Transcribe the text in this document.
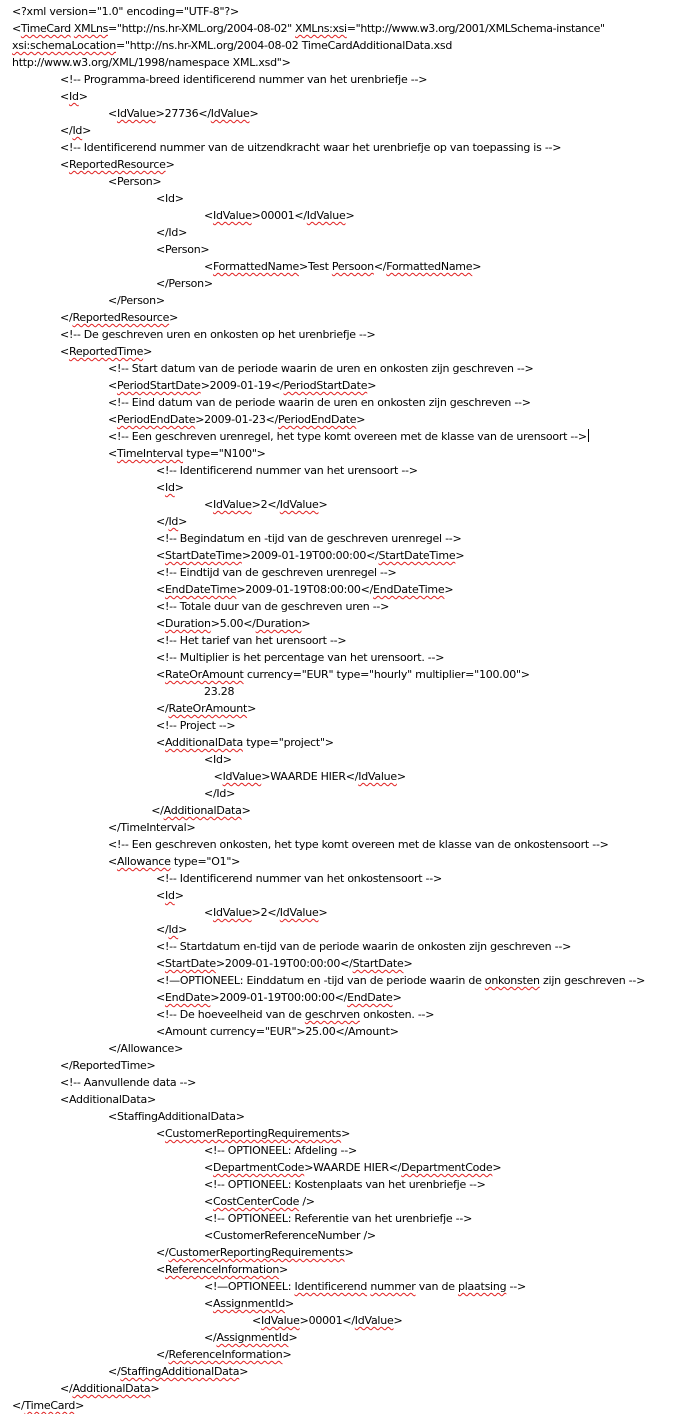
<?xml version="1.0" encoding="UTF-8"?>
<TimeCard XMLns="http://ns.hr-XML.org/2004-08-02" XMLns:xsi="http://www.w3.org/2001/XMLSchema-instance"
xsi:schemaLocation="http://ns.hr-XML.org/2004-08-02 TimeCardAdditionalData.xsd
http://www.w3.org/XML/1998/namespace XML.xsd">
<!-- Programma-breed identificerend nummer van het urenbriefje -->
<Id>
<IdValue>27736</IdValue>
</Id>
<!-- Identificerend nummer van de uitzendkracht waar het urenbriefje op van toepassing is -->
<ReportedResource>
<Person>
<Id>
<IdValue>00001</IdValue>
</Id>
<Person>
<FormattedName>Test Persoon</FormattedName>
</Person>
</Person>
</ReportedResource>
<!-- De geschreven uren en onkosten op het urenbriefje -->
<ReportedTime>
<!-- Start datum van de periode waarin de uren en onkosten zijn geschreven -->
<PeriodStartDate>2009-01-19</PeriodStartDate>
<!-- Eind datum van de periode waarin de uren en onkosten zijn geschreven -->
<PeriodEndDate>2009-01-23</PeriodEndDate>
<!-- Een geschreven urenregel, het type komt overeen met de klasse van de urensoort -->
<TimeInterval type="N100">
<!-- Identificerend nummer van het urensoort -->
<Id>
<IdValue>2</IdValue>
</Id>
<!-- Begindatum en -tijd van de geschreven urenregel -->
<StartDateTime>2009-01-19T00:00:00</StartDateTime>
<!-- Eindtijd van de geschreven urenregel -->
<EndDateTime>2009-01-19T08:00:00</EndDateTime>
<!-- Totale duur van de geschreven uren -->
<Duration>5.00</Duration>
<!-- Het tarief van het urensoort -->
<!-- Multiplier is het percentage van het urensoort. -->
<RateOrAmount currency="EUR" type="hourly" multiplier="100.00">
23.28
</RateOrAmount>
<!-- Project -->
<AdditionalData type="project">
<Id>
<IdValue>WAARDE HIER</IdValue>
</Id>
</AdditionalData>
</TimeInterval>
<!-- Een geschreven onkosten, het type komt overeen met de klasse van de onkostensoort -->
<Allowance type="O1">
<!-- Identificerend nummer van het onkostensoort -->
<Id>
<IdValue>2</IdValue>
</Id>
<!-- Startdatum en-tijd van de periode waarin de onkosten zijn geschreven -->
<StartDate>2009-01-19T00:00:00</StartDate>
<!—OPTIONEEL: Einddatum en -tijd van de periode waarin de onkonsten zijn geschreven -->
<EndDate>2009-01-19T00:00:00</EndDate>
<!-- De hoeveelheid van de geschrven onkosten. -->
<Amount currency="EUR">25.00</Amount>
</Allowance>
</ReportedTime>
<!-- Aanvullende data -->
<AdditionalData>
<StaffingAdditionalData>
<CustomerReportingRequirements>
<!-- OPTIONEEL: Afdeling -->
<DepartmentCode>WAARDE HIER</DepartmentCode>
<!-- OPTIONEEL: Kostenplaats van het urenbriefje -->
<CostCenterCode />
<!-- OPTIONEEL: Referentie van het urenbriefje -->
<CustomerReferenceNumber />
</CustomerReportingRequirements>
<ReferenceInformation>
<!—OPTIONEEL: Identificerend nummer van de plaatsing -->
<AssignmentId>
<IdValue>00001</IdValue>
</AssignmentId>
</ReferenceInformation>
</StaffingAdditionalData>
</AdditionalData>
</TimeCard>
